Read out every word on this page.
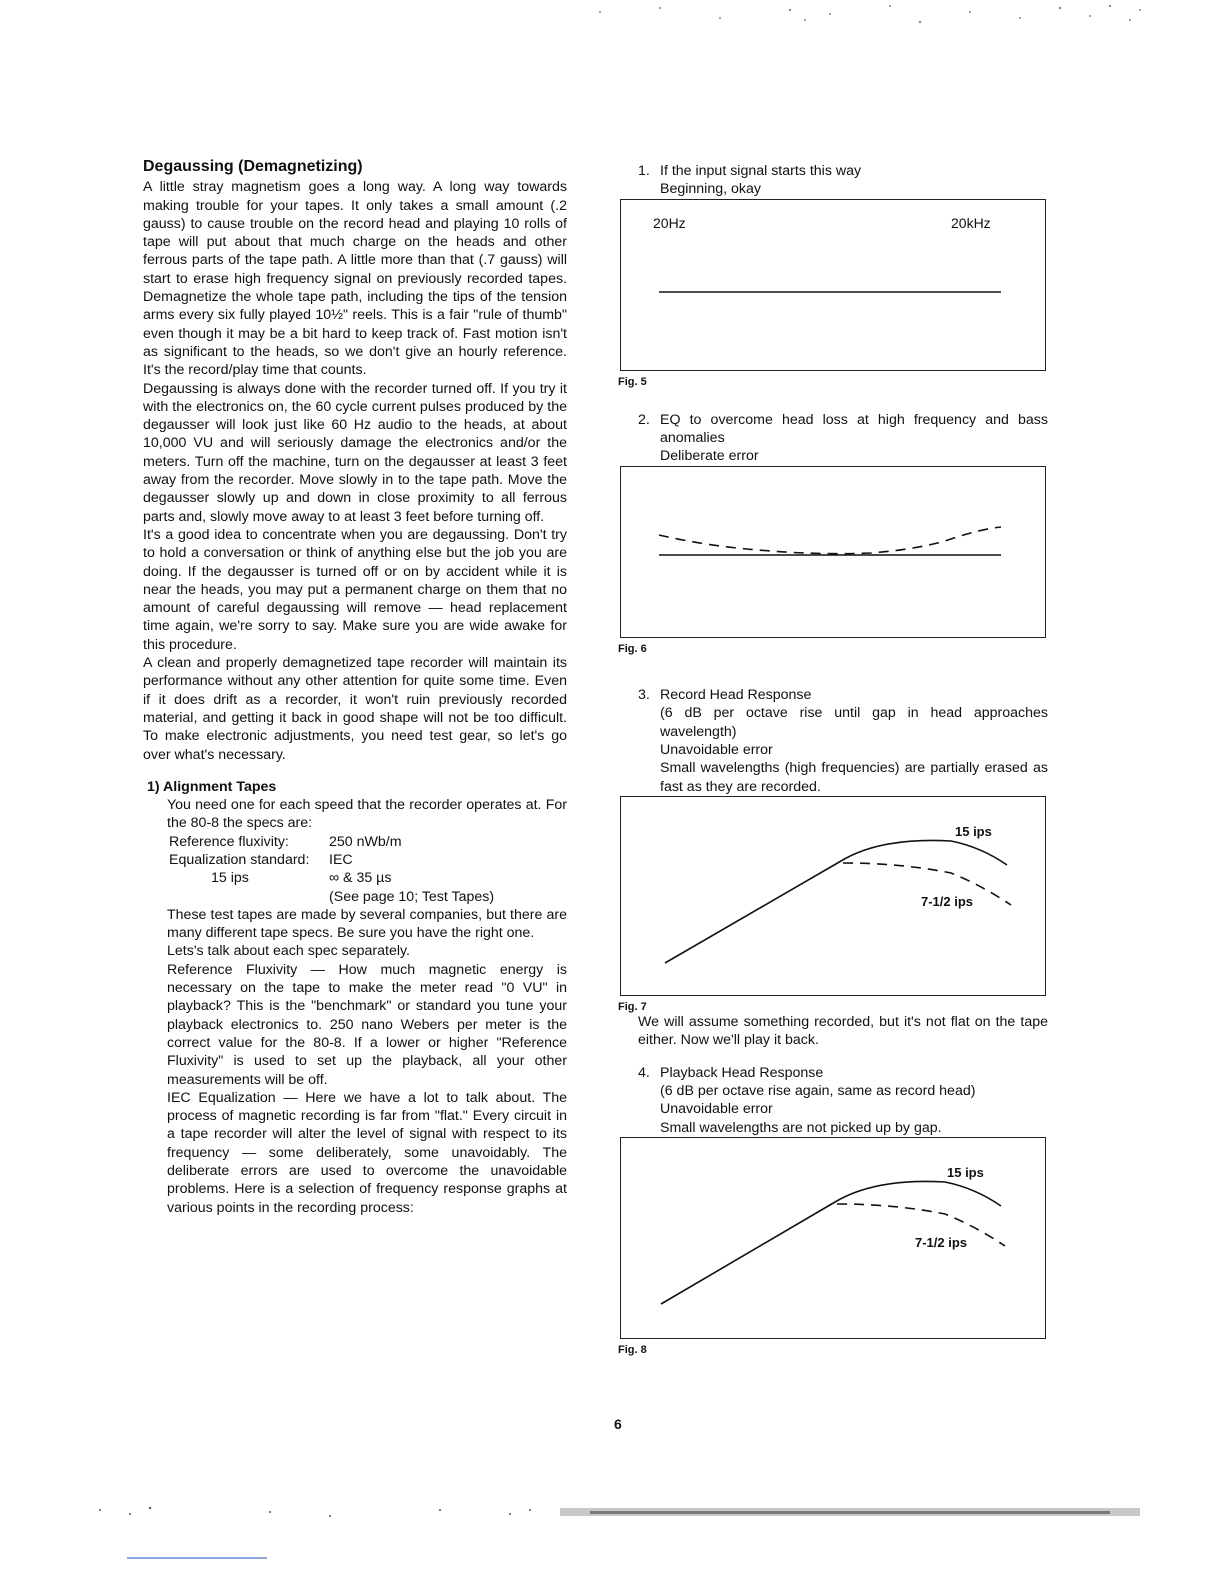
Degaussing (Demagnetizing)

A little stray magnetism goes a long way. A long way towards making trouble for your tapes. It only takes a small amount (.2 gauss) to cause trouble on the record head and playing 10 rolls of tape will put about that much charge on the heads and other ferrous parts of the tape path. A little more than that (.7 gauss) will start to erase high frequency signal on previously recorded tapes. Demagnetize the whole tape path, including the tips of the tension arms every six fully played 10½" reels. This is a fair "rule of thumb" even though it may be a bit hard to keep track of. Fast motion isn't as significant to the heads, so we don't give an hourly reference. It's the record/play time that counts.

Degaussing is always done with the recorder turned off. If you try it with the electronics on, the 60 cycle current pulses produced by the degausser will look just like 60 Hz audio to the heads, at about 10,000 VU and will seriously damage the electronics and/or the meters. Turn off the machine, turn on the degausser at least 3 feet away from the recorder. Move slowly in to the tape path. Move the degausser slowly up and down in close proximity to all ferrous parts and, slowly move away to at least 3 feet before turning off.

It's a good idea to concentrate when you are degaussing. Don't try to hold a conversation or think of anything else but the job you are doing. If the degausser is turned off or on by accident while it is near the heads, you may put a permanent charge on them that no amount of careful degaussing will remove — head replacement time again, we're sorry to say. Make sure you are wide awake for this procedure.

A clean and properly demagnetized tape recorder will maintain its performance without any other attention for quite some time. Even if it does drift as a recorder, it won't ruin previously recorded material, and getting it back in good shape will not be too difficult. To make electronic adjustments, you need test gear, so let's go over what's necessary.

1) Alignment Tapes

You need one for each speed that the recorder operates at. For the 80-8 the specs are:

Reference fluxivity:	250 nWb/m
Equalization standard:	IEC
15 ips	∞ & 35 µs
(See page 10; Test Tapes)

These test tapes are made by several companies, but there are many different tape specs. Be sure you have the right one.

Lets's talk about each spec separately.

Reference Fluxivity — How much magnetic energy is necessary on the tape to make the meter read "0 VU" in playback? This is the "benchmark" or standard you tune your playback electronics to. 250 nano Webers per meter is the correct value for the 80-8. If a lower or higher "Reference Fluxivity" is used to set up the playback, all your other measurements will be off.

IEC Equalization — Here we have a lot to talk about. The process of magnetic recording is far from "flat." Every circuit in a tape recorder will alter the level of signal with respect to its frequency — some deliberately, some unavoidably. The deliberate errors are used to overcome the unavoidable problems. Here is a selection of frequency response graphs at various points in the recording process:

1. If the input signal starts this way
Beginning, okay
20Hz	20kHz
Fig. 5
2. EQ to overcome head loss at high frequency and bass anomalies

Deliberate error
Fig. 6
3. Record Head Response

(6 dB per octave rise until gap in head approaches wavelength)

Unavoidable error

Small wavelengths (high frequencies) are partially erased as fast as they are recorded.

15 ips
7-1/2 ips
Fig. 7

We will assume something recorded, but it's not flat on the tape either. Now we'll play it back.

4. Playback Head Response
(6 dB per octave rise again, same as record head)
Unavoidable error
Small wavelengths are not picked up by gap.
15 ips
7-1/2 ips
Fig. 8
6
